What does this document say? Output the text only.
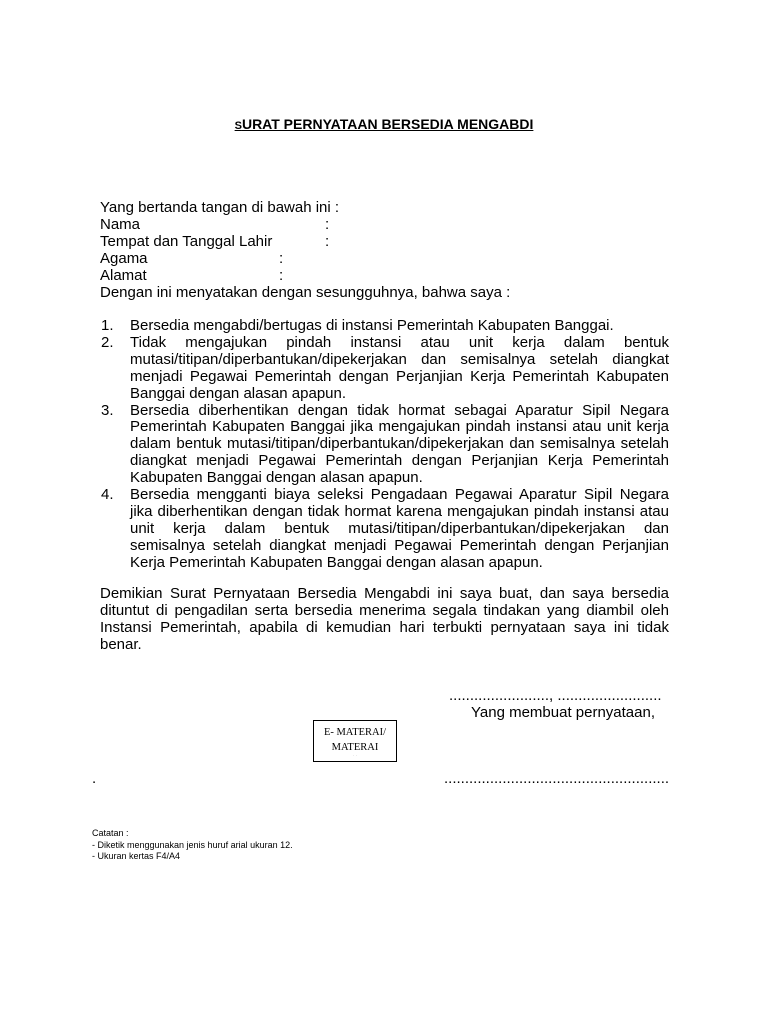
SURAT PERNYATAAN BERSEDIA MENGABDI
Yang bertanda tangan di bawah ini :
Nama	:
Tempat dan Tanggal Lahir	:
Agama	:
Alamat	:
Dengan ini menyatakan dengan sesungguhnya, bahwa saya :
1. Bersedia mengabdi/bertugas di instansi Pemerintah Kabupaten Banggai.
2. Tidak mengajukan pindah instansi atau unit kerja dalam bentuk mutasi/titipan/diperbantukan/dipekerjakan dan semisalnya setelah diangkat menjadi Pegawai Pemerintah dengan Perjanjian Kerja Pemerintah Kabupaten Banggai dengan alasan apapun.
3. Bersedia diberhentikan dengan tidak hormat sebagai Aparatur Sipil Negara Pemerintah Kabupaten Banggai jika mengajukan pindah instansi atau unit kerja dalam bentuk mutasi/titipan/diperbantukan/dipekerjakan dan semisalnya setelah diangkat menjadi Pegawai Pemerintah dengan Perjanjian Kerja Pemerintah Kabupaten Banggai dengan alasan apapun.
4. Bersedia mengganti biaya seleksi Pengadaan Pegawai Aparatur Sipil Negara jika diberhentikan dengan tidak hormat karena mengajukan pindah instansi atau unit kerja dalam bentuk mutasi/titipan/diperbantukan/dipekerjakan dan semisalnya setelah diangkat menjadi Pegawai Pemerintah dengan Perjanjian Kerja Pemerintah Kabupaten Banggai dengan alasan apapun.
Demikian Surat Pernyataan Bersedia Mengabdi ini saya buat, dan saya bersedia dituntut di pengadilan serta bersedia menerima segala tindakan yang diambil oleh Instansi Pemerintah, apabila di kemudian hari terbukti pernyataan saya ini tidak benar.
........................, .........................
Yang membuat pernyataan,
E- MATERAI/
MATERAI
· ·
.	......................................................
Catatan :
- Diketik menggunakan jenis huruf arial ukuran 12.
- Ukuran kertas F4/A4
